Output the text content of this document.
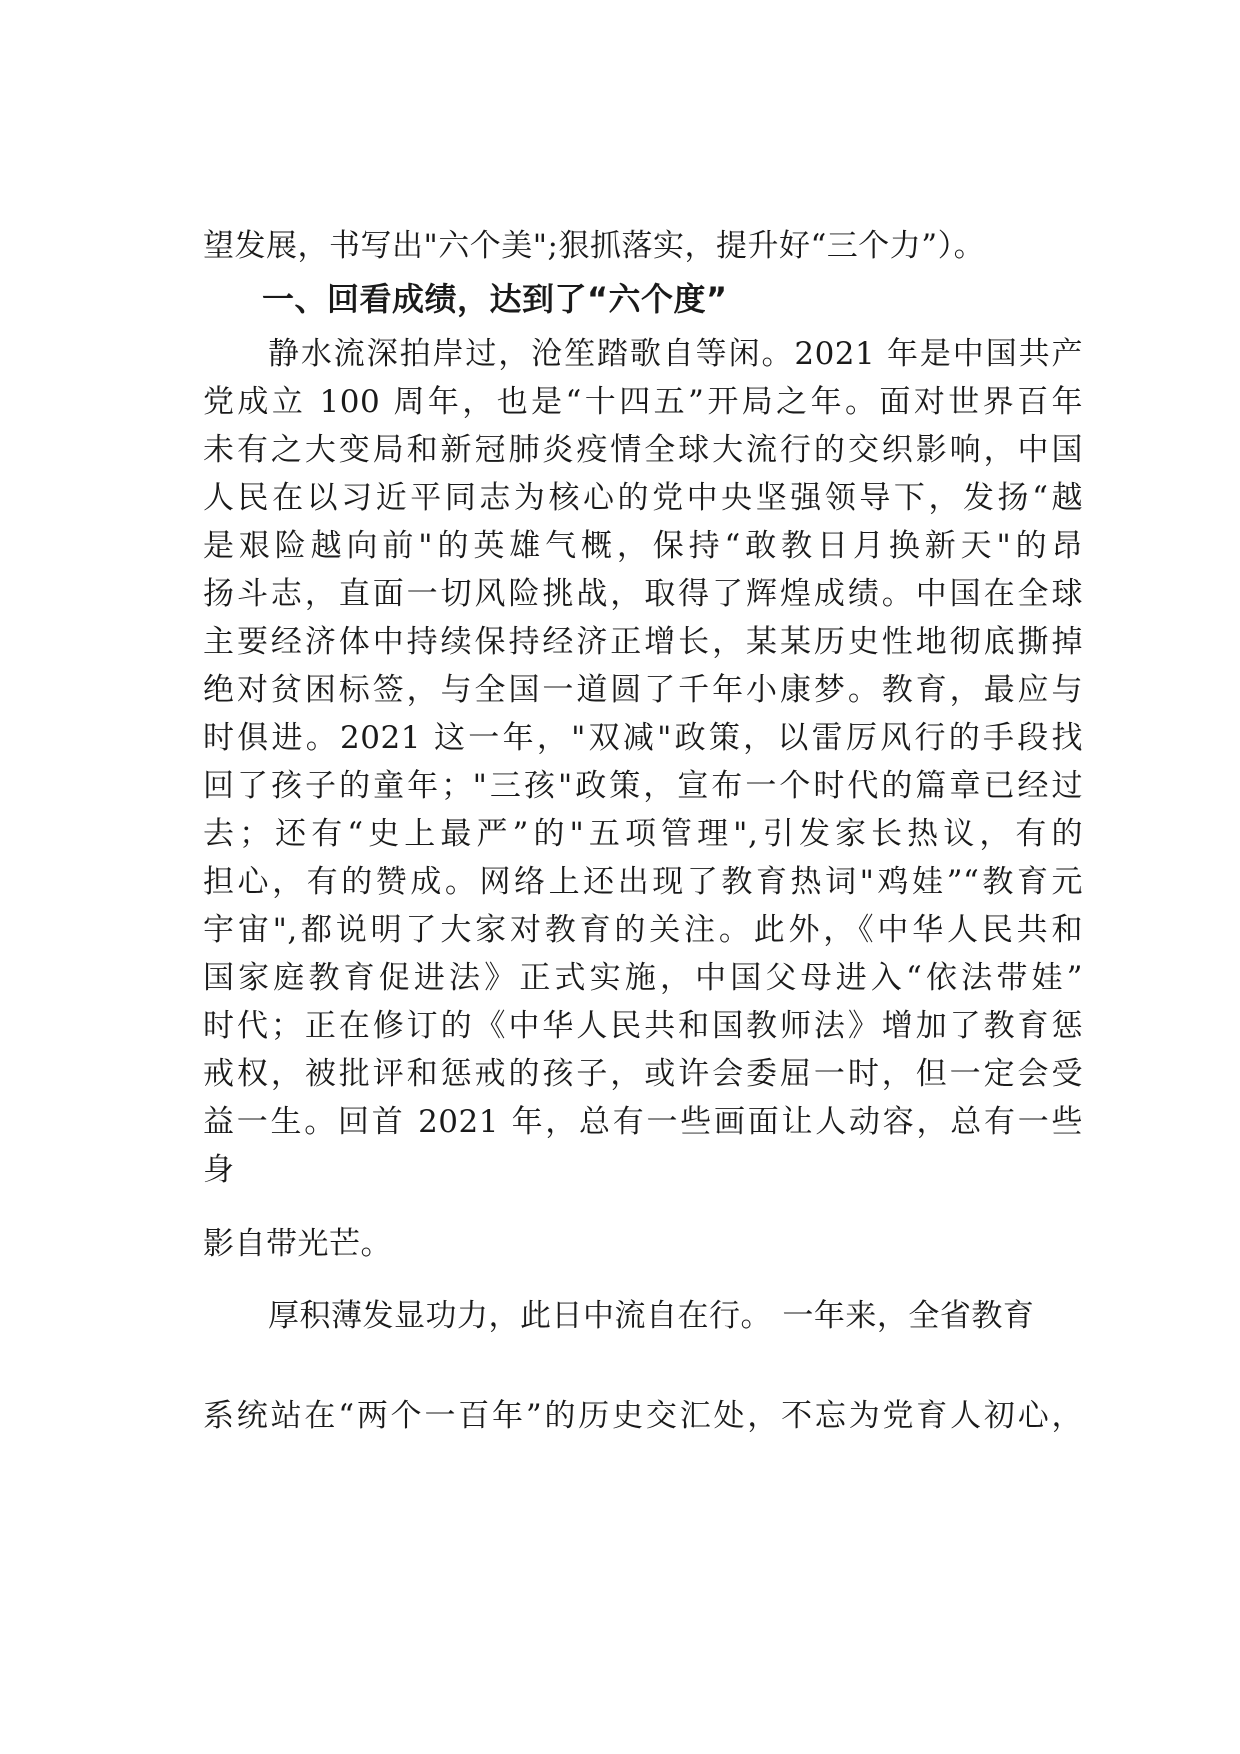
望发展，书写出"六个美";狠抓落实，提升好“三个力”）。
一、回看成绩，达到了“六个度”
静水流深拍岸过，沧笙踏歌自等闲。2021 年是中国共产
党成立 100 周年，也是“十四五”开局之年。面对世界百年
未有之大变局和新冠肺炎疫情全球大流行的交织影响，中国
人民在以习近平同志为核心的党中央坚强领导下，发扬“越
是艰险越向前"的英雄气概，保持“敢教日月换新天"的昂
扬斗志，直面一切风险挑战，取得了辉煌成绩。中国在全球
主要经济体中持续保持经济正增长，某某历史性地彻底撕掉
绝对贫困标签，与全国一道圆了千年小康梦。教育，最应与
时俱进。2021 这一年，"双减"政策，以雷厉风行的手段找
回了孩子的童年；"三孩"政策，宣布一个时代的篇章已经过
去；还有“史上最严”的"五项管理",引发家长热议，有的
担心，有的赞成。网络上还出现了教育热词"鸡娃”“教育元
宇宙",都说明了大家对教育的关注。此外，《中华人民共和
国家庭教育促进法》正式实施，中国父母进入“依法带娃”
时代；正在修订的《中华人民共和国教师法》增加了教育惩
戒权，被批评和惩戒的孩子，或许会委屈一时，但一定会受
益一生。回首 2021 年，总有一些画面让人动容，总有一些
身
影自带光芒。
厚积薄发显功力，此日中流自在行。 一年来，全省教育
系统站在“两个一百年”的历史交汇处，不忘为党育人初心，
